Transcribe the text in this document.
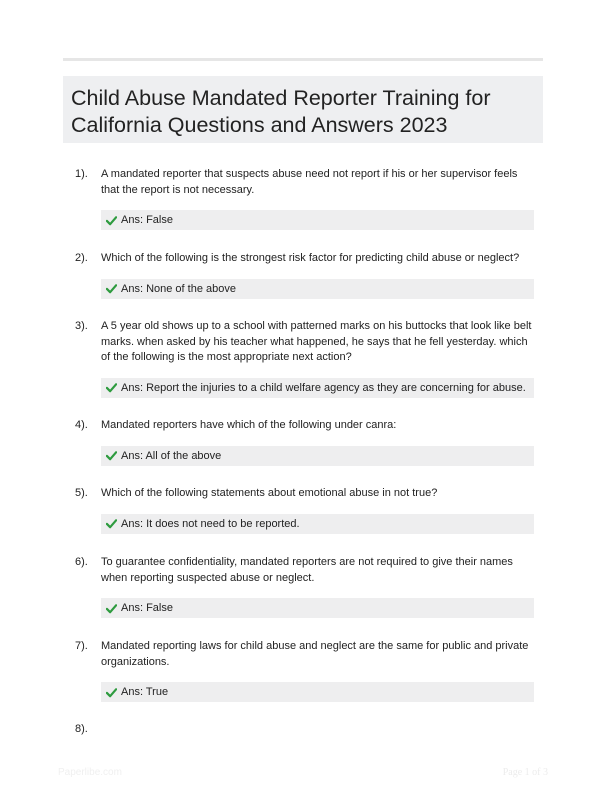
Child Abuse Mandated Reporter Training for California Questions and Answers 2023
1).	A mandated reporter that suspects abuse need not report if his or her supervisor feels that the report is not necessary.
Ans: False
2).	Which of the following is the strongest risk factor for predicting child abuse or neglect?
Ans: None of the above
3).	A 5 year old shows up to a school with patterned marks on his buttocks that look like belt marks. when asked by his teacher what happened, he says that he fell yesterday. which of the following is the most appropriate next action?
Ans: Report the injuries to a child welfare agency as they are concerning for abuse.
4).	Mandated reporters have which of the following under canra:
Ans: All of the above
5).	Which of the following statements about emotional abuse in not true?
Ans: It does not need to be reported.
6).	To guarantee confidentiality, mandated reporters are not required to give their names when reporting suspected abuse or neglect.
Ans: False
7).	Mandated reporting laws for child abuse and neglect are the same for public and private organizations.
Ans: True
8).
Paperlibe.com	Page 1 of 3
